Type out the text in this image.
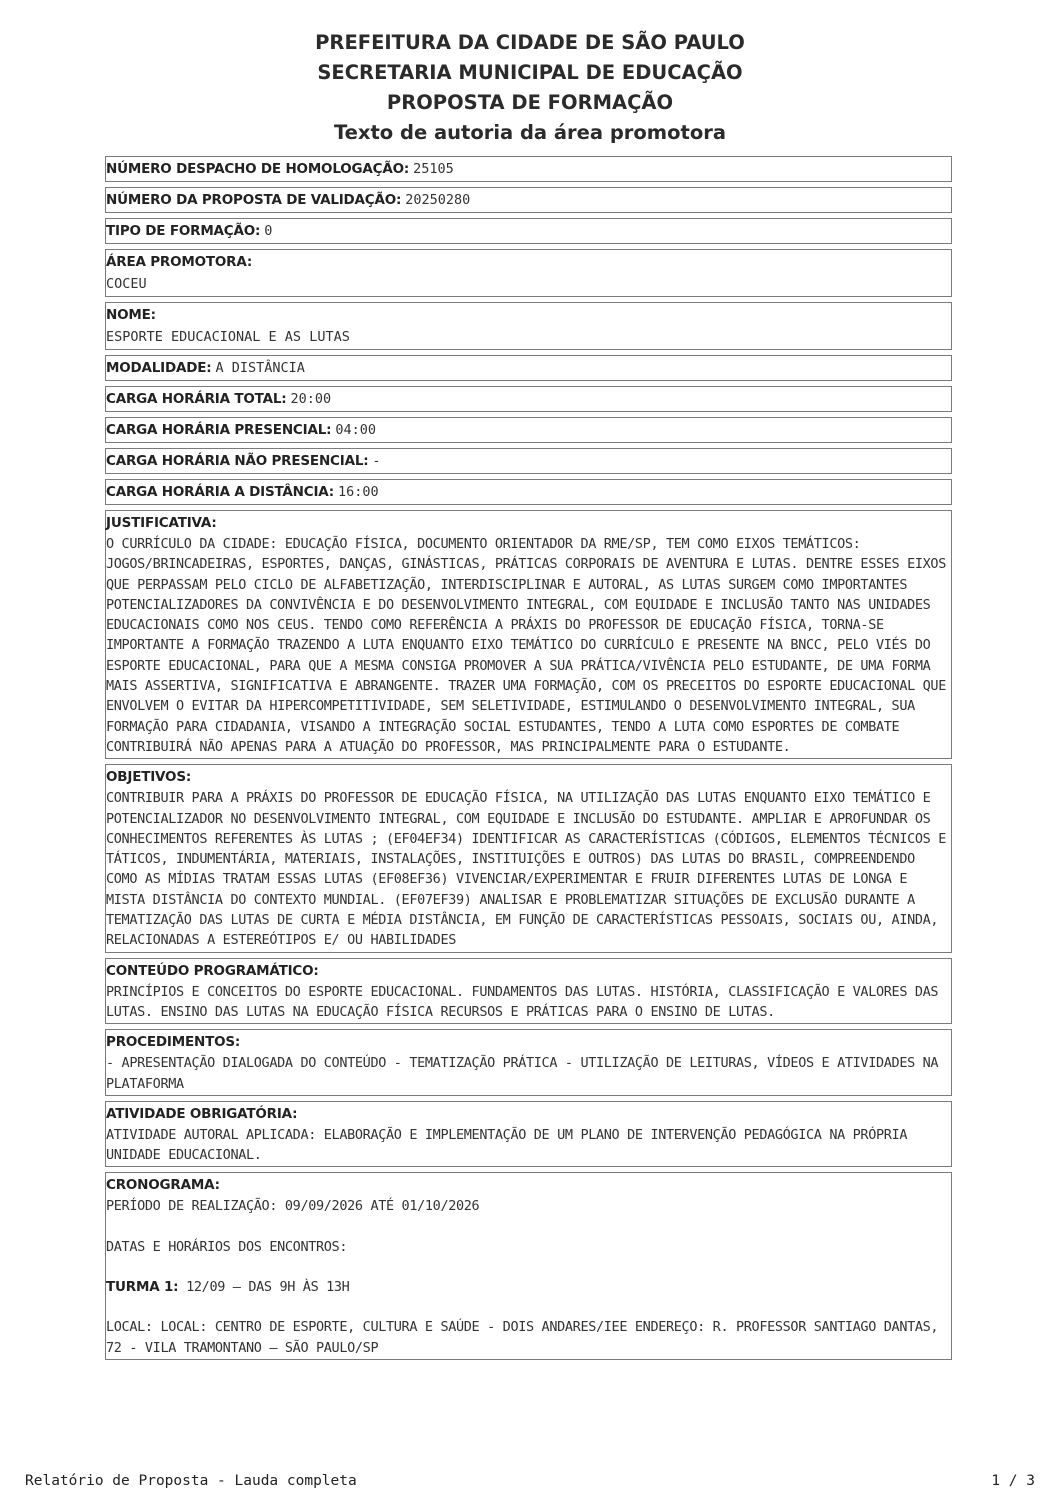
PREFEITURA DA CIDADE DE SÃO PAULO
SECRETARIA MUNICIPAL DE EDUCAÇÃO
PROPOSTA DE FORMAÇÃO
Texto de autoria da área promotora
NÚMERO DESPACHO DE HOMOLOGAÇÃO: 25105
NÚMERO DA PROPOSTA DE VALIDAÇÃO: 20250280
TIPO DE FORMAÇÃO: 0
ÁREA PROMOTORA:
COCEU
NOME:
ESPORTE EDUCACIONAL E AS LUTAS
MODALIDADE: A DISTÂNCIA
CARGA HORÁRIA TOTAL: 20:00
CARGA HORÁRIA PRESENCIAL: 04:00
CARGA HORÁRIA NÃO PRESENCIAL: -
CARGA HORÁRIA A DISTÂNCIA: 16:00
JUSTIFICATIVA:
O CURRÍCULO DA CIDADE: EDUCAÇÃO FÍSICA, DOCUMENTO ORIENTADOR DA RME/SP, TEM COMO EIXOS TEMÁTICOS: JOGOS/BRINCADEIRAS, ESPORTES, DANÇAS, GINÁSTICAS, PRÁTICAS CORPORAIS DE AVENTURA E LUTAS. DENTRE ESSES EIXOS QUE PERPASSAM PELO CICLO DE ALFABETIZAÇÃO, INTERDISCIPLINAR E AUTORAL, AS LUTAS SURGEM COMO IMPORTANTES POTENCIALIZADORES DA CONVIVÊNCIA E DO DESENVOLVIMENTO INTEGRAL, COM EQUIDADE E INCLUSÃO TANTO NAS UNIDADES EDUCACIONAIS COMO NOS CEUS. TENDO COMO REFERÊNCIA A PRÁXIS DO PROFESSOR DE EDUCAÇÃO FÍSICA, TORNA-SE IMPORTANTE A FORMAÇÃO TRAZENDO A LUTA ENQUANTO EIXO TEMÁTICO DO CURRÍCULO E PRESENTE NA BNCC, PELO VIÉS DO ESPORTE EDUCACIONAL, PARA QUE A MESMA CONSIGA PROMOVER A SUA PRÁTICA/VIVÊNCIA PELO ESTUDANTE, DE UMA FORMA MAIS ASSERTIVA, SIGNIFICATIVA E ABRANGENTE. TRAZER UMA FORMAÇÃO, COM OS PRECEITOS DO ESPORTE EDUCACIONAL QUE ENVOLVEM O EVITAR DA HIPERCOMPETITIVIDADE, SEM SELETIVIDADE, ESTIMULANDO O DESENVOLVIMENTO INTEGRAL, SUA FORMAÇÃO PARA CIDADANIA, VISANDO A INTEGRAÇÃO SOCIAL ESTUDANTES, TENDO A LUTA COMO ESPORTES DE COMBATE CONTRIBUIRÁ NÃO APENAS PARA A ATUAÇÃO DO PROFESSOR, MAS PRINCIPALMENTE PARA O ESTUDANTE.
OBJETIVOS:
CONTRIBUIR PARA A PRÁXIS DO PROFESSOR DE EDUCAÇÃO FÍSICA, NA UTILIZAÇÃO DAS LUTAS ENQUANTO EIXO TEMÁTICO E POTENCIALIZADOR NO DESENVOLVIMENTO INTEGRAL, COM EQUIDADE E INCLUSÃO DO ESTUDANTE. AMPLIAR E APROFUNDAR OS CONHECIMENTOS REFERENTES ÀS LUTAS ; (EF04EF34) IDENTIFICAR AS CARACTERÍSTICAS (CÓDIGOS, ELEMENTOS TÉCNICOS E TÁTICOS, INDUMENTÁRIA, MATERIAIS, INSTALAÇÕES, INSTITUIÇÕES E OUTROS) DAS LUTAS DO BRASIL, COMPREENDENDO COMO AS MÍDIAS TRATAM ESSAS LUTAS (EF08EF36) VIVENCIAR/EXPERIMENTAR E FRUIR DIFERENTES LUTAS DE LONGA E MISTA DISTÂNCIA DO CONTEXTO MUNDIAL. (EF07EF39) ANALISAR E PROBLEMATIZAR SITUAÇÕES DE EXCLUSÃO DURANTE A TEMATIZAÇÃO DAS LUTAS DE CURTA E MÉDIA DISTÂNCIA, EM FUNÇÃO DE CARACTERÍSTICAS PESSOAIS, SOCIAIS OU, AINDA, RELACIONADAS A ESTEREÓTIPOS E/ OU HABILIDADES
CONTEÚDO PROGRAMÁTICO:
PRINCÍPIOS E CONCEITOS DO ESPORTE EDUCACIONAL. FUNDAMENTOS DAS LUTAS. HISTÓRIA, CLASSIFICAÇÃO E VALORES DAS LUTAS. ENSINO DAS LUTAS NA EDUCAÇÃO FÍSICA RECURSOS E PRÁTICAS PARA O ENSINO DE LUTAS.
PROCEDIMENTOS:
- APRESENTAÇÃO DIALOGADA DO CONTEÚDO - TEMATIZAÇÃO PRÁTICA - UTILIZAÇÃO DE LEITURAS, VÍDEOS E ATIVIDADES NA PLATAFORMA
ATIVIDADE OBRIGATÓRIA:
ATIVIDADE AUTORAL APLICADA: ELABORAÇÃO E IMPLEMENTAÇÃO DE UM PLANO DE INTERVENÇÃO PEDAGÓGICA NA PRÓPRIA UNIDADE EDUCACIONAL.
CRONOGRAMA:
PERÍODO DE REALIZAÇÃO: 09/09/2026 ATÉ 01/10/2026
DATAS E HORÁRIOS DOS ENCONTROS:
TURMA 1: 12/09 – DAS 9H ÀS 13H
LOCAL: LOCAL: CENTRO DE ESPORTE, CULTURA E SAÚDE - DOIS ANDARES/IEE ENDEREÇO: R. PROFESSOR SANTIAGO DANTAS, 72 - VILA TRAMONTANO – SÃO PAULO/SP
Relatório de Proposta - Lauda completa	1 / 3
